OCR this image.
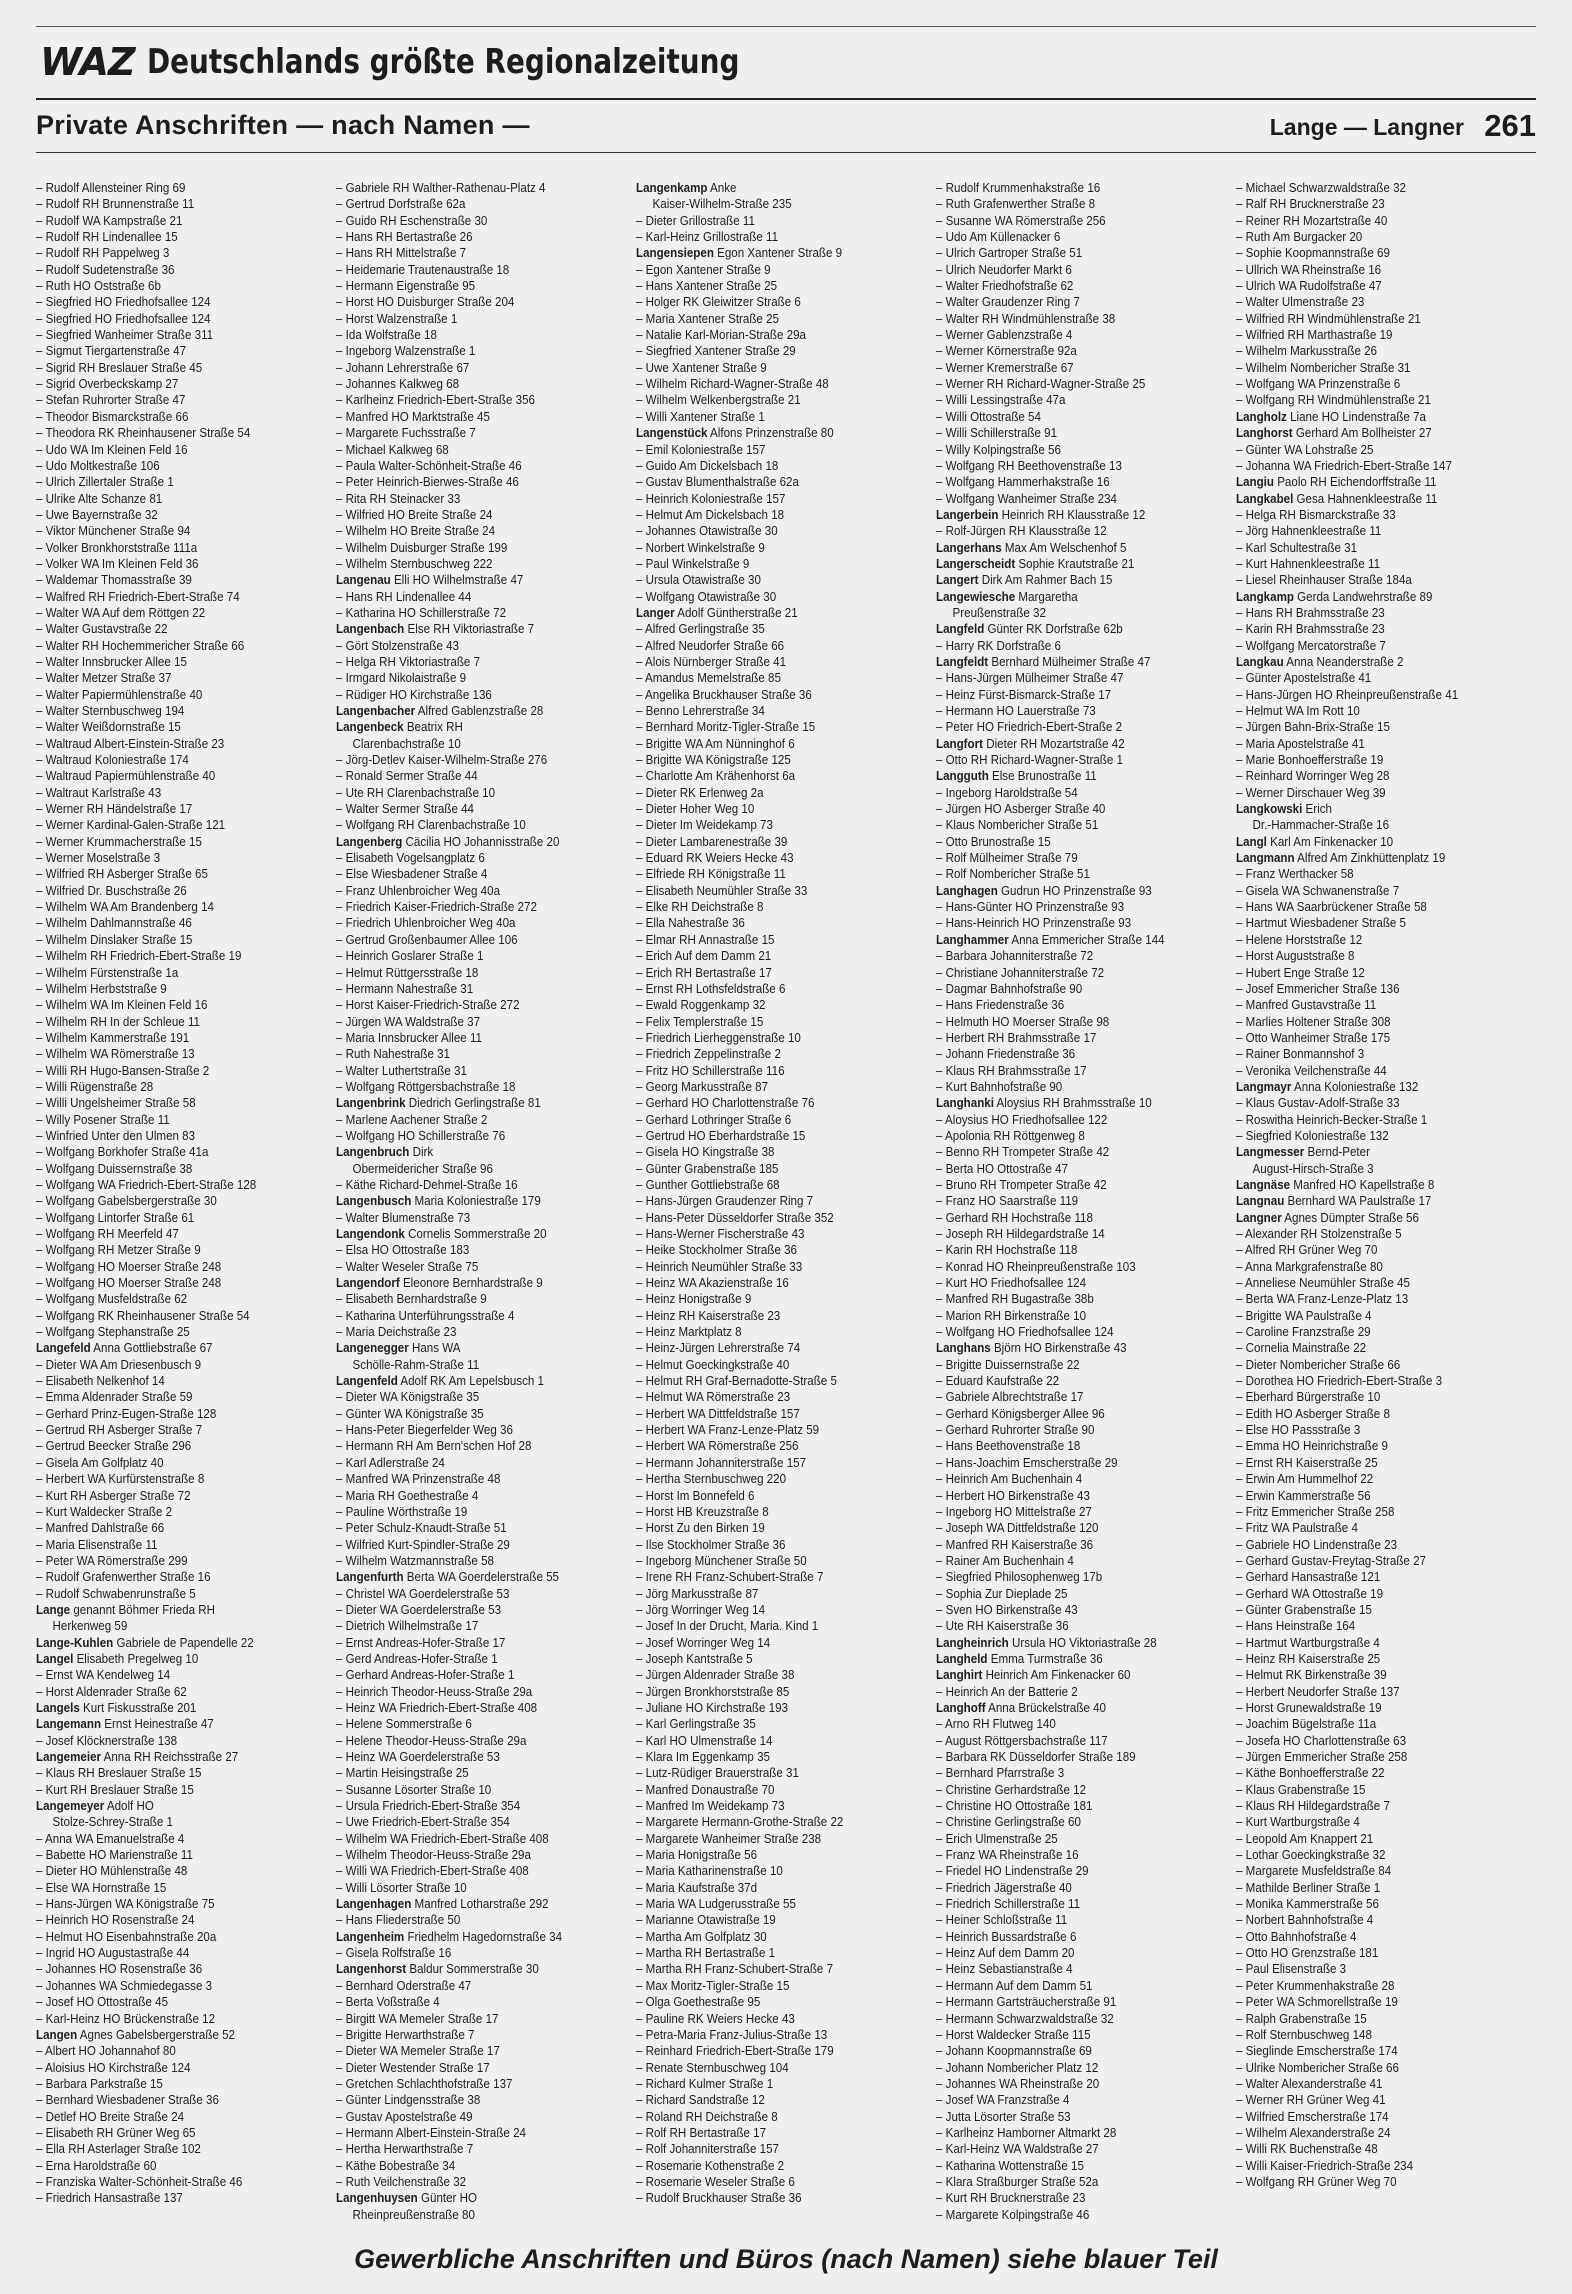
WAZ Deutschlands größte Regionalzeitung
Private Anschriften — nach Namen —	Lange — Langner 261
– Rudolf Allensteiner Ring 69
– Rudolf RH Brunnenstraße 11
– Rudolf WA Kampstraße 21
– Rudolf RH Lindenallee 15
– Rudolf RH Pappelweg 3
– Rudolf Sudetenstraße 36
– Ruth HO Oststraße 6b
– Siegfried HO Friedhofsallee 124
– Siegfried HO Friedhofsallee 124
– Siegfried Wanheimer Straße 311
– Sigmut Tiergartenstraße 47
– Sigrid RH Breslauer Straße 45
– Sigrid Overbeckskamp 27
– Stefan Ruhrorter Straße 47
– Theodor Bismarckstraße 66
– Theodora RK Rheinhausener Straße 54
– Udo WA Im Kleinen Feld 16
– Udo Moltkestraße 106
– Ulrich Zillertaler Straße 1
– Ulrike Alte Schanze 81
– Uwe Bayernstraße 32
– Viktor Münchener Straße 94
– Volker Bronkhorststraße 111a
– Volker WA Im Kleinen Feld 36
– Waldemar Thomasstraße 39
– Walfred RH Friedrich-Ebert-Straße 74
– Walter WA Auf dem Röttgen 22
– Walter Gustavstraße 22
– Walter RH Hochemmericher Straße 66
– Walter Innsbrucker Allee 15
– Walter Metzer Straße 37
– Walter Papiermühlenstraße 40
– Walter Sternbuschweg 194
– Walter Weißdornstraße 15
– Waltraud Albert-Einstein-Straße 23
– Waltraud Koloniestraße 174
– Waltraud Papiermühlenstraße 40
– Waltraut Karlstraße 43
– Werner RH Händelstraße 17
– Werner Kardinal-Galen-Straße 121
– Werner Krummacherstraße 15
– Werner Moselstraße 3
– Wilfried RH Asberger Straße 65
– Wilfried Dr. Buschstraße 26
– Wilhelm WA Am Brandenberg 14
– Wilhelm Dahlmannstraße 46
– Wilhelm Dinslaker Straße 15
– Wilhelm RH Friedrich-Ebert-Straße 19
– Wilhelm Fürstenstraße 1a
– Wilhelm Herbststraße 9
– Wilhelm WA Im Kleinen Feld 16
– Wilhelm RH In der Schleue 11
– Wilhelm Kammerstraße 191
– Wilhelm WA Römerstraße 13
– Willi RH Hugo-Bansen-Straße 2
– Willi Rügenstraße 28
– Willi Ungelsheimer Straße 58
– Willy Posener Straße 11
– Winfried Unter den Ulmen 83
– Wolfgang Borkhofer Straße 41a
– Wolfgang Duissernstraße 38
– Wolfgang WA Friedrich-Ebert-Straße 128
– Wolfgang Gabelsbergerstraße 30
– Wolfgang Lintorfer Straße 61
– Wolfgang RH Meerfeld 47
– Wolfgang RH Metzer Straße 9
– Wolfgang HO Moerser Straße 248
– Wolfgang HO Moerser Straße 248
– Wolfgang Musfeldstraße 62
– Wolfgang RK Rheinhausener Straße 54
– Wolfgang Stephanstraße 25
Langefeld Anna Gottliebstraße 67
– Dieter WA Am Driesenbusch 9
– Elisabeth Nelkenhof 14
– Emma Aldenrader Straße 59
– Gerhard Prinz-Eugen-Straße 128
– Gertrud RH Asberger Straße 7
– Gertrud Beecker Straße 296
– Gisela Am Golfplatz 40
– Herbert WA Kurfürstenstraße 8
– Kurt RH Asberger Straße 72
– Kurt Waldecker Straße 2
– Manfred Dahlstraße 66
– Maria Elisenstraße 11
– Peter WA Römerstraße 299
– Rudolf Grafenwerther Straße 16
– Rudolf Schwabenrunstraße 5
Lange genannt Böhmer Frieda RH
Herkenweg 59
Lange-Kuhlen Gabriele de Papendelle 22
Langel Elisabeth Pregelweg 10
– Ernst WA Kendelweg 14
– Horst Aldenrader Straße 62
Langels Kurt Fiskusstraße 201
Langemann Ernst Heinestraße 47
– Josef Klöcknerstraße 138
Langemeier Anna RH Reichsstraße 27
– Klaus RH Breslauer Straße 15
– Kurt RH Breslauer Straße 15
Langemeyer Adolf HO
Stolze-Schrey-Straße 1
– Anna WA Emanuelstraße 4
– Babette HO Marienstraße 11
– Dieter HO Mühlenstraße 48
– Else WA Hornstraße 15
– Hans-Jürgen WA Königstraße 75
– Heinrich HO Rosenstraße 24
– Helmut HO Eisenbahnstraße 20a
– Ingrid HO Augustastraße 44
– Johannes HO Rosenstraße 36
– Johannes WA Schmiedegasse 3
– Josef HO Ottostraße 45
– Karl-Heinz HO Brückenstraße 12
Langen Agnes Gabelsbergerstraße 52
– Albert HO Johannahof 80
– Aloisius HO Kirchstraße 124
– Barbara Parkstraße 15
– Bernhard Wiesbadener Straße 36
– Detlef HO Breite Straße 24
– Elisabeth RH Grüner Weg 65
– Ella RH Asterlager Straße 102
– Erna Haroldstraße 60
– Franziska Walter-Schönheit-Straße 46
– Friedrich Hansastraße 137
– Gabriele RH Walther-Rathenau-Platz 4
– Gertrud Dorfstraße 62a
– Guido RH Eschenstraße 30
– Hans RH Bertastraße 26
– Hans RH Mittelstraße 7
– Heidemarie Trautenaustraße 18
– Hermann Eigenstraße 95
– Horst HO Duisburger Straße 204
– Horst Walzenstraße 1
– Ida Wolfstraße 18
– Ingeborg Walzenstraße 1
– Johann Lehrerstraße 67
– Johannes Kalkweg 68
– Karlheinz Friedrich-Ebert-Straße 356
– Manfred HO Marktstraße 45
– Margarete Fuchsstraße 7
– Michael Kalkweg 68
– Paula Walter-Schönheit-Straße 46
– Peter Heinrich-Bierwes-Straße 46
– Rita RH Steinacker 33
– Wilfried HO Breite Straße 24
– Wilhelm HO Breite Straße 24
– Wilhelm Duisburger Straße 199
– Wilhelm Sternbuschweg 222
Langenau Elli HO Wilhelmstraße 47
– Hans RH Lindenallee 44
– Katharina HO Schillerstraße 72
Langenbach Else RH Viktoriastraße 7
– Gört Stolzenstraße 43
– Helga RH Viktoriastraße 7
– Irmgard Nikolaistraße 9
– Rüdiger HO Kirchstraße 136
Langenbacher Alfred Gablenzstraße 28
Langenbeck Beatrix RH
Clarenbachstraße 10
– Jörg-Detlev Kaiser-Wilhelm-Straße 276
– Ronald Sermer Straße 44
– Ute RH Clarenbachstraße 10
– Walter Sermer Straße 44
– Wolfgang RH Clarenbachstraße 10
Langenberg Cäcilia HO Johannisstraße 20
– Elisabeth Vogelsangplatz 6
– Else Wiesbadener Straße 4
– Franz Uhlenbroicher Weg 40a
– Friedrich Kaiser-Friedrich-Straße 272
– Friedrich Uhlenbroicher Weg 40a
– Gertrud Großenbaumer Allee 106
– Heinrich Goslarer Straße 1
– Helmut Rüttgersstraße 18
– Hermann Nahestraße 31
– Horst Kaiser-Friedrich-Straße 272
– Jürgen WA Waldstraße 37
– Maria Innsbrucker Allee 11
– Ruth Nahestraße 31
– Walter Luthertstraße 31
– Wolfgang Röttgersbachstraße 18
Langenbrink Diedrich Gerlingstraße 81
– Marlene Aachener Straße 2
– Wolfgang HO Schillerstraße 76
Langenbruch Dirk
Obermeidericher Straße 96
– Käthe Richard-Dehmel-Straße 16
Langenbusch Maria Koloniestraße 179
– Walter Blumenstraße 73
Langendonk Cornelis Sommerstraße 20
– Elsa HO Ottostraße 183
– Walter Weseler Straße 75
Langendorf Eleonore Bernhardstraße 9
– Elisabeth Bernhardstraße 9
– Katharina Unterführungsstraße 4
– Maria Deichstraße 23
Langenegger Hans WA
Schölle-Rahm-Straße 11
Langenfeld Adolf RK Am Lepelsbusch 1
– Dieter WA Königstraße 35
– Günter WA Königstraße 35
– Hans-Peter Biegerfelder Weg 36
– Hermann RH Am Bern'schen Hof 28
– Karl Adlerstraße 24
– Manfred WA Prinzenstraße 48
– Maria RH Goethestraße 4
– Pauline Wörthstraße 19
– Peter Schulz-Knaudt-Straße 51
– Wilfried Kurt-Spindler-Straße 29
– Wilhelm Watzmannstraße 58
Langenfurth Berta WA Goerdelerstraße 55
– Christel WA Goerdelerstraße 53
– Dieter WA Goerdelerstraße 53
– Dietrich Wilhelmstraße 17
– Ernst Andreas-Hofer-Straße 17
– Gerd Andreas-Hofer-Straße 1
– Gerhard Andreas-Hofer-Straße 1
– Heinrich Theodor-Heuss-Straße 29a
– Heinz WA Friedrich-Ebert-Straße 408
– Helene Sommerstraße 6
– Helene Theodor-Heuss-Straße 29a
– Heinz WA Goerdelerstraße 53
– Martin Heisingstraße 25
– Susanne Lösorter Straße 10
– Ursula Friedrich-Ebert-Straße 354
– Uwe Friedrich-Ebert-Straße 354
– Wilhelm WA Friedrich-Ebert-Straße 408
– Wilhelm Theodor-Heuss-Straße 29a
– Willi WA Friedrich-Ebert-Straße 408
– Willi Lösorter Straße 10
Langenhagen Manfred Lotharstraße 292
– Hans Fliederstraße 50
Langenheim Friedhelm Hagedornstraße 34
– Gisela Rolfstraße 16
Langenhorst Baldur Sommerstraße 30
– Bernhard Oderstraße 47
– Berta Voßstraße 4
– Birgitt WA Memeler Straße 17
– Brigitte Herwarthstraße 7
– Dieter WA Memeler Straße 17
– Dieter Westender Straße 17
– Gretchen Schlachthofstraße 137
– Günter Lindgensstraße 38
– Gustav Apostelstraße 49
– Hermann Albert-Einstein-Straße 24
– Hertha Herwarthstraße 7
– Käthe Bobestraße 34
– Ruth Veilchenstraße 32
Langenhuysen Günter HO
Rheinpreußenstraße 80
Langenkamp Anke
Kaiser-Wilhelm-Straße 235
– Dieter Grillostraße 11
– Karl-Heinz Grillostraße 11
Langensiepen Egon Xantener Straße 9
– Egon Xantener Straße 9
– Hans Xantener Straße 25
– Holger RK Gleiwitzer Straße 6
– Maria Xantener Straße 25
– Natalie Karl-Morian-Straße 29a
– Siegfried Xantener Straße 29
– Uwe Xantener Straße 9
– Wilhelm Richard-Wagner-Straße 48
– Wilhelm Welkenbergstraße 21
– Willi Xantener Straße 1
Langenstück Alfons Prinzenstraße 80
– Emil Koloniestraße 157
– Guido Am Dickelsbach 18
– Gustav Blumenthalstraße 62a
– Heinrich Koloniestraße 157
– Helmut Am Dickelsbach 18
– Johannes Otawistraße 30
– Norbert Winkelstraße 9
– Paul Winkelstraße 9
– Ursula Otawistraße 30
– Wolfgang Otawistraße 30
Langer Adolf Güntherstraße 21
– Alfred Gerlingstraße 35
– Alfred Neudorfer Straße 66
– Alois Nürnberger Straße 41
– Amandus Memelstraße 85
– Angelika Bruckhauser Straße 36
– Benno Lehrerstraße 34
– Bernhard Moritz-Tigler-Straße 15
– Brigitte WA Am Nünninghof 6
– Brigitte WA Königstraße 125
– Charlotte Am Krähenhorst 6a
– Dieter RK Erlenweg 2a
– Dieter Hoher Weg 10
– Dieter Im Weidekamp 73
– Dieter Lambarenestraße 39
– Eduard RK Weiers Hecke 43
– Elfriede RH Königstraße 11
– Elisabeth Neumühler Straße 33
– Elke RH Deichstraße 8
– Ella Nahestraße 36
– Elmar RH Annastraße 15
– Erich Auf dem Damm 21
– Erich RH Bertastraße 17
– Ernst RH Lothsfeldstraße 6
– Ewald Roggenkamp 32
– Felix Templerstraße 15
– Friedrich Lierheggenstraße 10
– Friedrich Zeppelinstraße 2
– Fritz HO Schillerstraße 116
– Georg Markusstraße 87
– Gerhard HO Charlottenstraße 76
– Gerhard Lothringer Straße 6
– Gertrud HO Eberhardstraße 15
– Gisela HO Kingstraße 38
– Günter Grabenstraße 185
– Gunther Gottliebstraße 68
– Hans-Jürgen Graudenzer Ring 7
– Hans-Peter Düsseldorfer Straße 352
– Hans-Werner Fischerstraße 43
– Heike Stockholmer Straße 36
– Heinrich Neumühler Straße 33
– Heinz WA Akazienstraße 16
– Heinz Honigstraße 9
– Heinz RH Kaiserstraße 23
– Heinz Marktplatz 8
– Heinz-Jürgen Lehrerstraße 74
– Helmut Goeckingkstraße 40
– Helmut RH Graf-Bernadotte-Straße 5
– Helmut WA Römerstraße 23
– Herbert WA Dittfeldstraße 157
– Herbert WA Franz-Lenze-Platz 59
– Herbert WA Römerstraße 256
– Hermann Johanniterstraße 157
– Hertha Sternbuschweg 220
– Horst Im Bonnefeld 6
– Horst HB Kreuzstraße 8
– Horst Zu den Birken 19
– Ilse Stockholmer Straße 36
– Ingeborg Münchener Straße 50
– Irene RH Franz-Schubert-Straße 7
– Jörg Markusstraße 87
– Jörg Worringer Weg 14
– Josef In der Drucht, Maria. Kind 1
– Josef Worringer Weg 14
– Joseph Kantstraße 5
– Jürgen Aldenrader Straße 38
– Jürgen Bronkhorststraße 85
– Juliane HO Kirchstraße 193
– Karl Gerlingstraße 35
– Karl HO Ulmenstraße 14
– Klara Im Eggenkamp 35
– Lutz-Rüdiger Brauerstraße 31
– Manfred Donaustraße 70
– Manfred Im Weidekamp 73
– Margarete Hermann-Grothe-Straße 22
– Margarete Wanheimer Straße 238
– Maria Honigstraße 56
– Maria Katharinenstraße 10
– Maria Kaufstraße 37d
– Maria WA Ludgerusstraße 55
– Marianne Otawistraße 19
– Martha Am Golfplatz 30
– Martha RH Bertastraße 1
– Martha RH Franz-Schubert-Straße 7
– Max Moritz-Tigler-Straße 15
– Olga Goethestraße 95
– Pauline RK Weiers Hecke 43
– Petra-Maria Franz-Julius-Straße 13
– Reinhard Friedrich-Ebert-Straße 179
– Renate Sternbuschweg 104
– Richard Kulmer Straße 1
– Richard Sandstraße 12
– Roland RH Deichstraße 8
– Rolf RH Bertastraße 17
– Rolf Johanniterstraße 157
– Rosemarie Kothenstraße 2
– Rosemarie Weseler Straße 6
– Rudolf Bruckhauser Straße 36
– Rudolf Krummenhakstraße 16
– Ruth Grafenwerther Straße 8
– Susanne WA Römerstraße 256
– Udo Am Küllenacker 6
– Ulrich Gartroper Straße 51
– Ulrich Neudorfer Markt 6
– Walter Friedhofstraße 62
– Walter Graudenzer Ring 7
– Walter RH Windmühlenstraße 38
– Werner Gablenzstraße 4
– Werner Körnerstraße 92a
– Werner Kremerstraße 67
– Werner RH Richard-Wagner-Straße 25
– Willi Lessingstraße 47a
– Willi Ottostraße 54
– Willi Schillerstraße 91
– Willy Kolpingstraße 56
– Wolfgang RH Beethovenstraße 13
– Wolfgang Hammerhakstraße 16
– Wolfgang Wanheimer Straße 234
Langerbein Heinrich RH Klausstraße 12
– Rolf-Jürgen RH Klausstraße 12
Langerhans Max Am Welschenhof 5
Langerscheidt Sophie Krautstraße 21
Langert Dirk Am Rahmer Bach 15
Langewiesche Margaretha
Preußenstraße 32
Langfeld Günter RK Dorfstraße 62b
– Harry RK Dorfstraße 6
Langfeldt Bernhard Mülheimer Straße 47
– Hans-Jürgen Mülheimer Straße 47
– Heinz Fürst-Bismarck-Straße 17
– Hermann HO Lauerstraße 73
– Peter HO Friedrich-Ebert-Straße 2
Langfort Dieter RH Mozartstraße 42
– Otto RH Richard-Wagner-Straße 1
Langguth Else Brunostraße 11
– Ingeborg Haroldstraße 54
– Jürgen HO Asberger Straße 40
– Klaus Nombericher Straße 51
– Otto Brunostraße 15
– Rolf Mülheimer Straße 79
– Rolf Nombericher Straße 51
Langhagen Gudrun HO Prinzenstraße 93
– Hans-Günter HO Prinzenstraße 93
– Hans-Heinrich HO Prinzenstraße 93
Langhammer Anna Emmericher Straße 144
– Barbara Johanniterstraße 72
– Christiane Johanniterstraße 72
– Dagmar Bahnhofstraße 90
– Hans Friedenstraße 36
– Helmuth HO Moerser Straße 98
– Herbert RH Brahmsstraße 17
– Johann Friedenstraße 36
– Klaus RH Brahmsstraße 17
– Kurt Bahnhofstraße 90
Langhanki Aloysius RH Brahmsstraße 10
– Aloysius HO Friedhofsallee 122
– Apolonia RH Röttgenweg 8
– Benno RH Trompeter Straße 42
– Berta HO Ottostraße 47
– Bruno RH Trompeter Straße 42
– Franz HO Saarstraße 119
– Gerhard RH Hochstraße 118
– Joseph RH Hildegardstraße 14
– Karin RH Hochstraße 118
– Konrad HO Rheinpreußenstraße 103
– Kurt HO Friedhofsallee 124
– Manfred RH Bugastraße 38b
– Marion RH Birkenstraße 10
– Wolfgang HO Friedhofsallee 124
Langhans Björn HO Birkenstraße 43
– Brigitte Duissernstraße 22
– Eduard Kaufstraße 22
– Gabriele Albrechtstraße 17
– Gerhard Königsberger Allee 96
– Gerhard Ruhrorter Straße 90
– Hans Beethovenstraße 18
– Hans-Joachim Emscherstraße 29
– Heinrich Am Buchenhain 4
– Herbert HO Birkenstraße 43
– Ingeborg HO Mittelstraße 27
– Joseph WA Dittfeldstraße 120
– Manfred RH Kaiserstraße 36
– Rainer Am Buchenhain 4
– Siegfried Philosophenweg 17b
– Sophia Zur Dieplade 25
– Sven HO Birkenstraße 43
– Ute RH Kaiserstraße 36
Langheinrich Ursula HO Viktoriastraße 28
Langheld Emma Turmstraße 36
Langhirt Heinrich Am Finkenacker 60
– Heinrich An der Batterie 2
Langhoff Anna Brückelstraße 40
– Arno RH Flutweg 140
– August Röttgersbachstraße 117
– Barbara RK Düsseldorfer Straße 189
– Bernhard Pfarrstraße 3
– Christine Gerhardstraße 12
– Christine HO Ottostraße 181
– Christine Gerlingstraße 60
– Erich Ulmenstraße 25
– Franz WA Rheinstraße 16
– Friedel HO Lindenstraße 29
– Friedrich Jägerstraße 40
– Friedrich Schillerstraße 11
– Heiner Schloßstraße 11
– Heinrich Bussardstraße 6
– Heinz Auf dem Damm 20
– Heinz Sebastianstraße 4
– Hermann Auf dem Damm 51
– Hermann Gartsträucherstraße 91
– Hermann Schwarzwaldstraße 32
– Horst Waldecker Straße 115
– Johann Koopmannstraße 69
– Johann Nombericher Platz 12
– Johannes WA Rheinstraße 20
– Josef WA Franzstraße 4
– Jutta Lösorter Straße 53
– Karlheinz Hamborner Altmarkt 28
– Karl-Heinz WA Waldstraße 27
– Katharina Wottenstraße 15
– Klara Straßburger Straße 52a
– Kurt RH Brucknerstraße 23
– Margarete Kolpingstraße 46
– Michael Schwarzwaldstraße 32
– Ralf RH Brucknerstraße 23
– Reiner RH Mozartstraße 40
– Ruth Am Burgacker 20
– Sophie Koopmannstraße 69
– Ullrich WA Rheinstraße 16
– Ulrich WA Rudolfstraße 47
– Walter Ulmenstraße 23
– Wilfried RH Windmühlenstraße 21
– Wilfried RH Marthastraße 19
– Wilhelm Markusstraße 26
– Wilhelm Nombericher Straße 31
– Wolfgang WA Prinzenstraße 6
– Wolfgang RH Windmühlenstraße 21
Langholz Liane HO Lindenstraße 7a
Langhorst Gerhard Am Bollheister 27
– Günter WA Lohstraße 25
– Johanna WA Friedrich-Ebert-Straße 147
Langiu Paolo RH Eichendorffstraße 11
Langkabel Gesa Hahnenkleestraße 11
– Helga RH Bismarckstraße 33
– Jörg Hahnenkleestraße 11
– Karl Schultestraße 31
– Kurt Hahnenkleestraße 11
– Liesel Rheinhauser Straße 184a
Langkamp Gerda Landwehrstraße 89
– Hans RH Brahmsstraße 23
– Karin RH Brahmsstraße 23
– Wolfgang Mercatorstraße 7
Langkau Anna Neanderstraße 2
– Günter Apostelstraße 41
– Hans-Jürgen HO Rheinpreußenstraße 41
– Helmut WA Im Rott 10
– Jürgen Bahn-Brix-Straße 15
– Maria Apostelstraße 41
– Marie Bonhoefferstraße 19
– Reinhard Worringer Weg 28
– Werner Dirschauer Weg 39
Langkowski Erich
Dr.-Hammacher-Straße 16
Langl Karl Am Finkenacker 10
Langmann Alfred Am Zinkhüttenplatz 19
– Franz Werthacker 58
– Gisela WA Schwanenstraße 7
– Hans WA Saarbrückener Straße 58
– Hartmut Wiesbadener Straße 5
– Helene Horststraße 12
– Horst Auguststraße 8
– Hubert Enge Straße 12
– Josef Emmericher Straße 136
– Manfred Gustavstraße 11
– Marlies Holtener Straße 308
– Otto Wanheimer Straße 175
– Rainer Bonmannshof 3
– Veronika Veilchenstraße 44
Langmayr Anna Koloniestraße 132
– Klaus Gustav-Adolf-Straße 33
– Roswitha Heinrich-Becker-Straße 1
– Siegfried Koloniestraße 132
Langmesser Bernd-Peter
August-Hirsch-Straße 3
Langnäse Manfred HO Kapellstraße 8
Langnau Bernhard WA Paulstraße 17
Langner Agnes Dümpter Straße 56
– Alexander RH Stolzenstraße 5
– Alfred RH Grüner Weg 70
– Anna Markgrafenstraße 80
– Anneliese Neumühler Straße 45
– Berta WA Franz-Lenze-Platz 13
– Brigitte WA Paulstraße 4
– Caroline Franzstraße 29
– Cornelia Mainstraße 22
– Dieter Nombericher Straße 66
– Dorothea HO Friedrich-Ebert-Straße 3
– Eberhard Bürgerstraße 10
– Edith HO Asberger Straße 8
– Else HO Passstraße 3
– Emma HO Heinrichstraße 9
– Ernst RH Kaiserstraße 25
– Erwin Am Hummelhof 22
– Erwin Kammerstraße 56
– Fritz Emmericher Straße 258
– Fritz WA Paulstraße 4
– Gabriele HO Lindenstraße 23
– Gerhard Gustav-Freytag-Straße 27
– Gerhard Hansastraße 121
– Gerhard WA Ottostraße 19
– Günter Grabenstraße 15
– Hans Heinstraße 164
– Hartmut Wartburgstraße 4
– Heinz RH Kaiserstraße 25
– Helmut RK Birkenstraße 39
– Herbert Neudorfer Straße 137
– Horst Grunewaldstraße 19
– Joachim Bügelstraße 11a
– Josefa HO Charlottenstraße 63
– Jürgen Emmericher Straße 258
– Käthe Bonhoefferstraße 22
– Klaus Grabenstraße 15
– Klaus RH Hildegardstraße 7
– Kurt Wartburgstraße 4
– Leopold Am Knappert 21
– Lothar Goeckingkstraße 32
– Margarete Musfeldstraße 84
– Mathilde Berliner Straße 1
– Monika Kammerstraße 56
– Norbert Bahnhofstraße 4
– Otto Bahnhofstraße 4
– Otto HO Grenzstraße 181
– Paul Elisenstraße 3
– Peter Krummenhakstraße 28
– Peter WA Schmorellstraße 19
– Ralph Grabenstraße 15
– Rolf Sternbuschweg 148
– Sieglinde Emscherstraße 174
– Ulrike Nombericher Straße 66
– Walter Alexanderstraße 41
– Werner RH Grüner Weg 41
– Wilfried Emscherstraße 174
– Wilhelm Alexanderstraße 24
– Willi RK Buchenstraße 48
– Willi Kaiser-Friedrich-Straße 234
– Wolfgang RH Grüner Weg 70
Gewerbliche Anschriften und Büros (nach Namen) siehe blauer Teil
